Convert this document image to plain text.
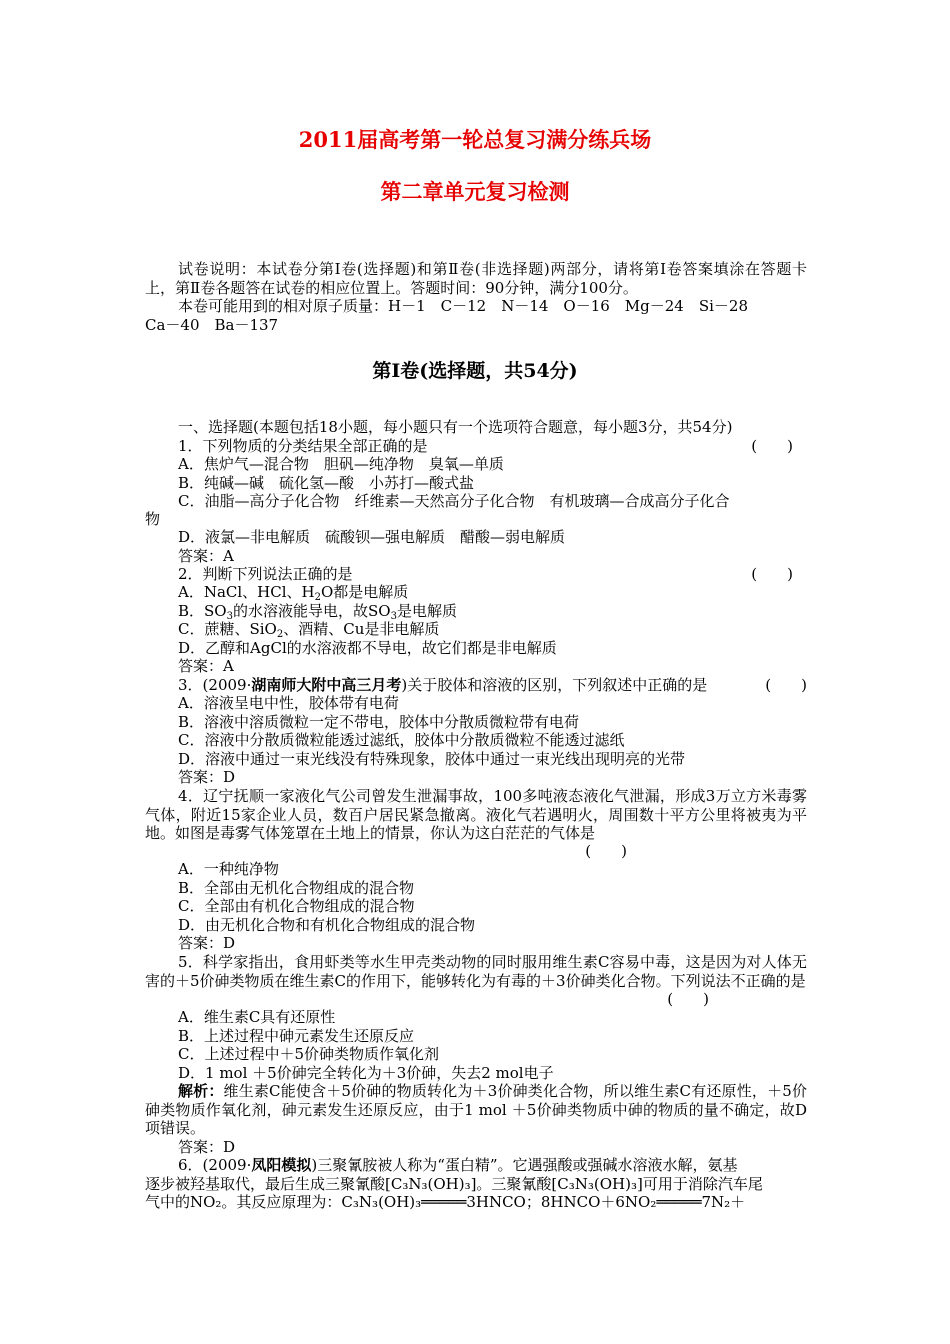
2011届高考第一轮总复习满分练兵场
第二章单元复习检测
试卷说明：本试卷分第Ⅰ卷(选择题)和第Ⅱ卷(非选择题)两部分，请将第Ⅰ卷答案填涂在答题卡上，第Ⅱ卷各题答在试卷的相应位置上。答题时间：90分钟，满分100分。
本卷可能用到的相对原子质量：H－1　C－12　N－14　O－16　Mg－24　Si－28
Ca－40　Ba－137
第Ⅰ卷(选择题，共54分)
一、选择题(本题包括18小题，每小题只有一个选项符合题意，每小题3分，共54分)
1．下列物质的分类结果全部正确的是	(　　)
A．焦炉气—混合物　胆矾—纯净物　臭氧—单质
B．纯碱—碱　硫化氢—酸　小苏打—酸式盐
C．油脂—高分子化合物　纤维素—天然高分子化合物　有机玻璃—合成高分子化合
物
D．液氯—非电解质　硫酸钡—强电解质　醋酸—弱电解质
答案：A
2．判断下列说法正确的是	(　　)
A．NaCl、HCl、$H_2O$都是电解质
B．$SO_3$的水溶液能导电，故$SO_3$是电解质
C．蔗糖、SiO$_2$、酒精、Cu是非电解质
D．乙醇和AgCl的水溶液都不导电，故它们都是非电解质
答案：A
3．(2009·湖南师大附中高三月考)关于胶体和溶液的区别，下列叙述中正确的是	(　　)
A．溶液呈电中性，胶体带有电荷
B．溶液中溶质微粒一定不带电，胶体中分散质微粒带有电荷
C．溶液中分散质微粒能透过滤纸，胶体中分散质微粒不能透过滤纸
D．溶液中通过一束光线没有特殊现象，胶体中通过一束光线出现明亮的光带
答案：D
4．辽宁抚顺一家液化气公司曾发生泄漏事故，100多吨液态液化气泄漏，形成3万立方米毒雾气体，附近15家企业人员，数百户居民紧急撤离。液化气若遇明火，周围数十平方公里将被夷为平地。如图是毒雾气体笼罩在土地上的情景，你认为这白茫茫的气体是
(　　)
A．一种纯净物
B．全部由无机化合物组成的混合物
C．全部由有机化合物组成的混合物
D．由无机化合物和有机化合物组成的混合物
答案：D
5．科学家指出，食用虾类等水生甲壳类动物的同时服用维生素C容易中毒，这是因为对人体无害的＋5价砷类物质在维生素C的作用下，能够转化为有毒的＋3价砷类化合物。下列说法不正确的是
(　　)
A．维生素C具有还原性
B．上述过程中砷元素发生还原反应
C．上述过程中＋5价砷类物质作氧化剂
D．1 mol ＋5价砷完全转化为＋3价砷，失去2 mol电子
解析：维生素C能使含＋5价砷的物质转化为＋3价砷类化合物，所以维生素C有还原性，＋5价砷类物质作氧化剂，砷元素发生还原反应，由于1 mol ＋5价砷类物质中砷的物质的量不确定，故D项错误。
答案：D
6．(2009·凤阳模拟)三聚氰胺被人称为“蛋白精”。它遇强酸或强碱水溶液水解，氨基
逐步被羟基取代，最后生成三聚氰酸[C₃N₃(OH)₃]。三聚氰酸[C₃N₃(OH)₃]可用于消除汽车尾
气中的NO₂。其反应原理为：C₃N₃(OH)₃═════3HNCO；8HNCO＋6NO₂═════7N₂＋
